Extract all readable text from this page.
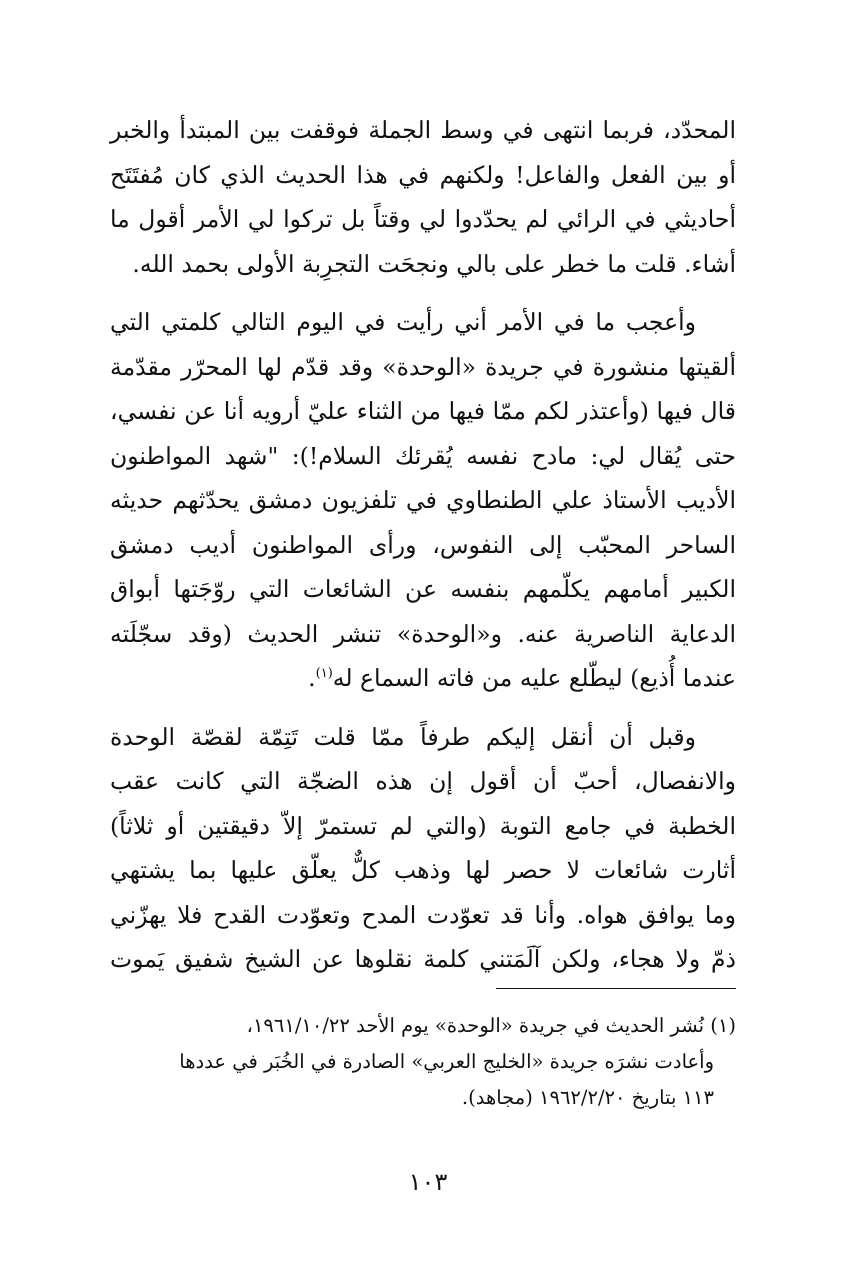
المحدّد، فربما انتهى في وسط الجملة فوقفت بين المبتدأ والخبر
أو بين الفعل والفاعل! ولكنهم في هذا الحديث الذي كان مُفتَتَح
أحاديثي في الرائي لم يحدّدوا لي وقتاً بل تركوا لي الأمر أقول ما
أشاء. قلت ما خطر على بالي ونجحَت التجرِبة الأولى بحمد الله.

وأعجب ما في الأمر أني رأيت في اليوم التالي كلمتي التي
ألقيتها منشورة في جريدة «الوحدة» وقد قدّم لها المحرّر مقدّمة
قال فيها (وأعتذر لكم ممّا فيها من الثناء عليّ أرويه أنا عن نفسي،
حتى يُقال لي: مادح نفسه يُقرئك السلام!): "شهد المواطنون
الأديب الأستاذ علي الطنطاوي في تلفزيون دمشق يحدّثهم حديثه
الساحر المحبّب إلى النفوس، ورأى المواطنون أديب دمشق
الكبير أمامهم يكلّمهم بنفسه عن الشائعات التي روّجَتها أبواق
الدعاية الناصرية عنه. و«الوحدة» تنشر الحديث (وقد سجّلَته
عندما أُذيع) ليطّلع عليه من فاته السماع له$^{(١)}$.

وقبل أن أنقل إليكم طرفاً ممّا قلت تَتِمّة لقصّة الوحدة
والانفصال، أحبّ أن أقول إن هذه الضجّة التي كانت عقب
الخطبة في جامع التوبة (والتي لم تستمرّ إلاّ دقيقتين أو ثلاثاً)
أثارت شائعات لا حصر لها وذهب كلٌّ يعلّق عليها بما يشتهي
وما يوافق هواه. وأنا قد تعوّدت المدح وتعوّدت القدح فلا يهزّني
ذمّ ولا هجاء، ولكن آلَمَتني كلمة نقلوها عن الشيخ شفيق يَموت

(١) نُشر الحديث في جريدة «الوحدة» يوم الأحد ١٩٦١/١٠/٢٢،
وأعادت نشرَه جريدة «الخليج العربي» الصادرة في الخُبَر في عددها
١١٣ بتاريخ ١٩٦٢/٢/٢٠ (مجاهد).
١٠٣
